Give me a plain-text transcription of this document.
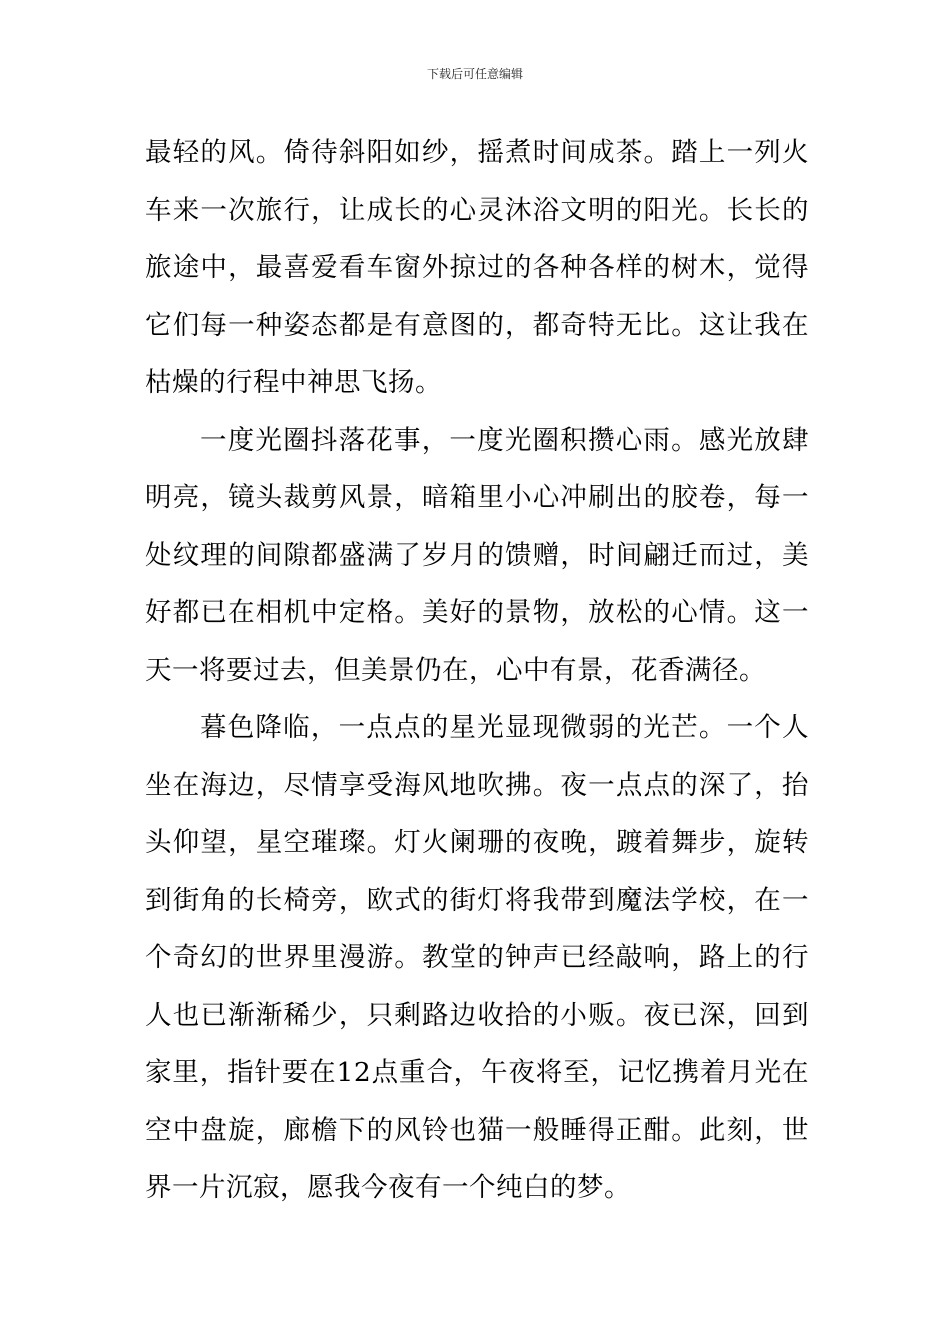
下载后可任意编辑

最轻的风。倚待斜阳如纱，摇煮时间成茶。踏上一列火车来一次旅行，让成长的心灵沐浴文明的阳光。长长的旅途中，最喜爱看车窗外掠过的各种各样的树木，觉得它们每一种姿态都是有意图的，都奇特无比。这让我在枯燥的行程中神思飞扬。

一度光圈抖落花事，一度光圈积攒心雨。感光放肆明亮，镜头裁剪风景，暗箱里小心冲刷出的胶卷，每一处纹理的间隙都盛满了岁月的馈赠，时间翩迁而过，美好都已在相机中定格。美好的景物，放松的心情。这一天一将要过去，但美景仍在，心中有景，花香满径。

暮色降临，一点点的星光显现微弱的光芒。一个人坐在海边，尽情享受海风地吹拂。夜一点点的深了，抬头仰望，星空璀璨。灯火阑珊的夜晚，踱着舞步，旋转到街角的长椅旁，欧式的街灯将我带到魔法学校，在一个奇幻的世界里漫游。教堂的钟声已经敲响，路上的行人也已渐渐稀少，只剩路边收拾的小贩。夜已深，回到家里，指针要在12点重合，午夜将至，记忆携着月光在空中盘旋，廊檐下的风铃也猫一般睡得正酣。此刻，世界一片沉寂，愿我今夜有一个纯白的梦。
